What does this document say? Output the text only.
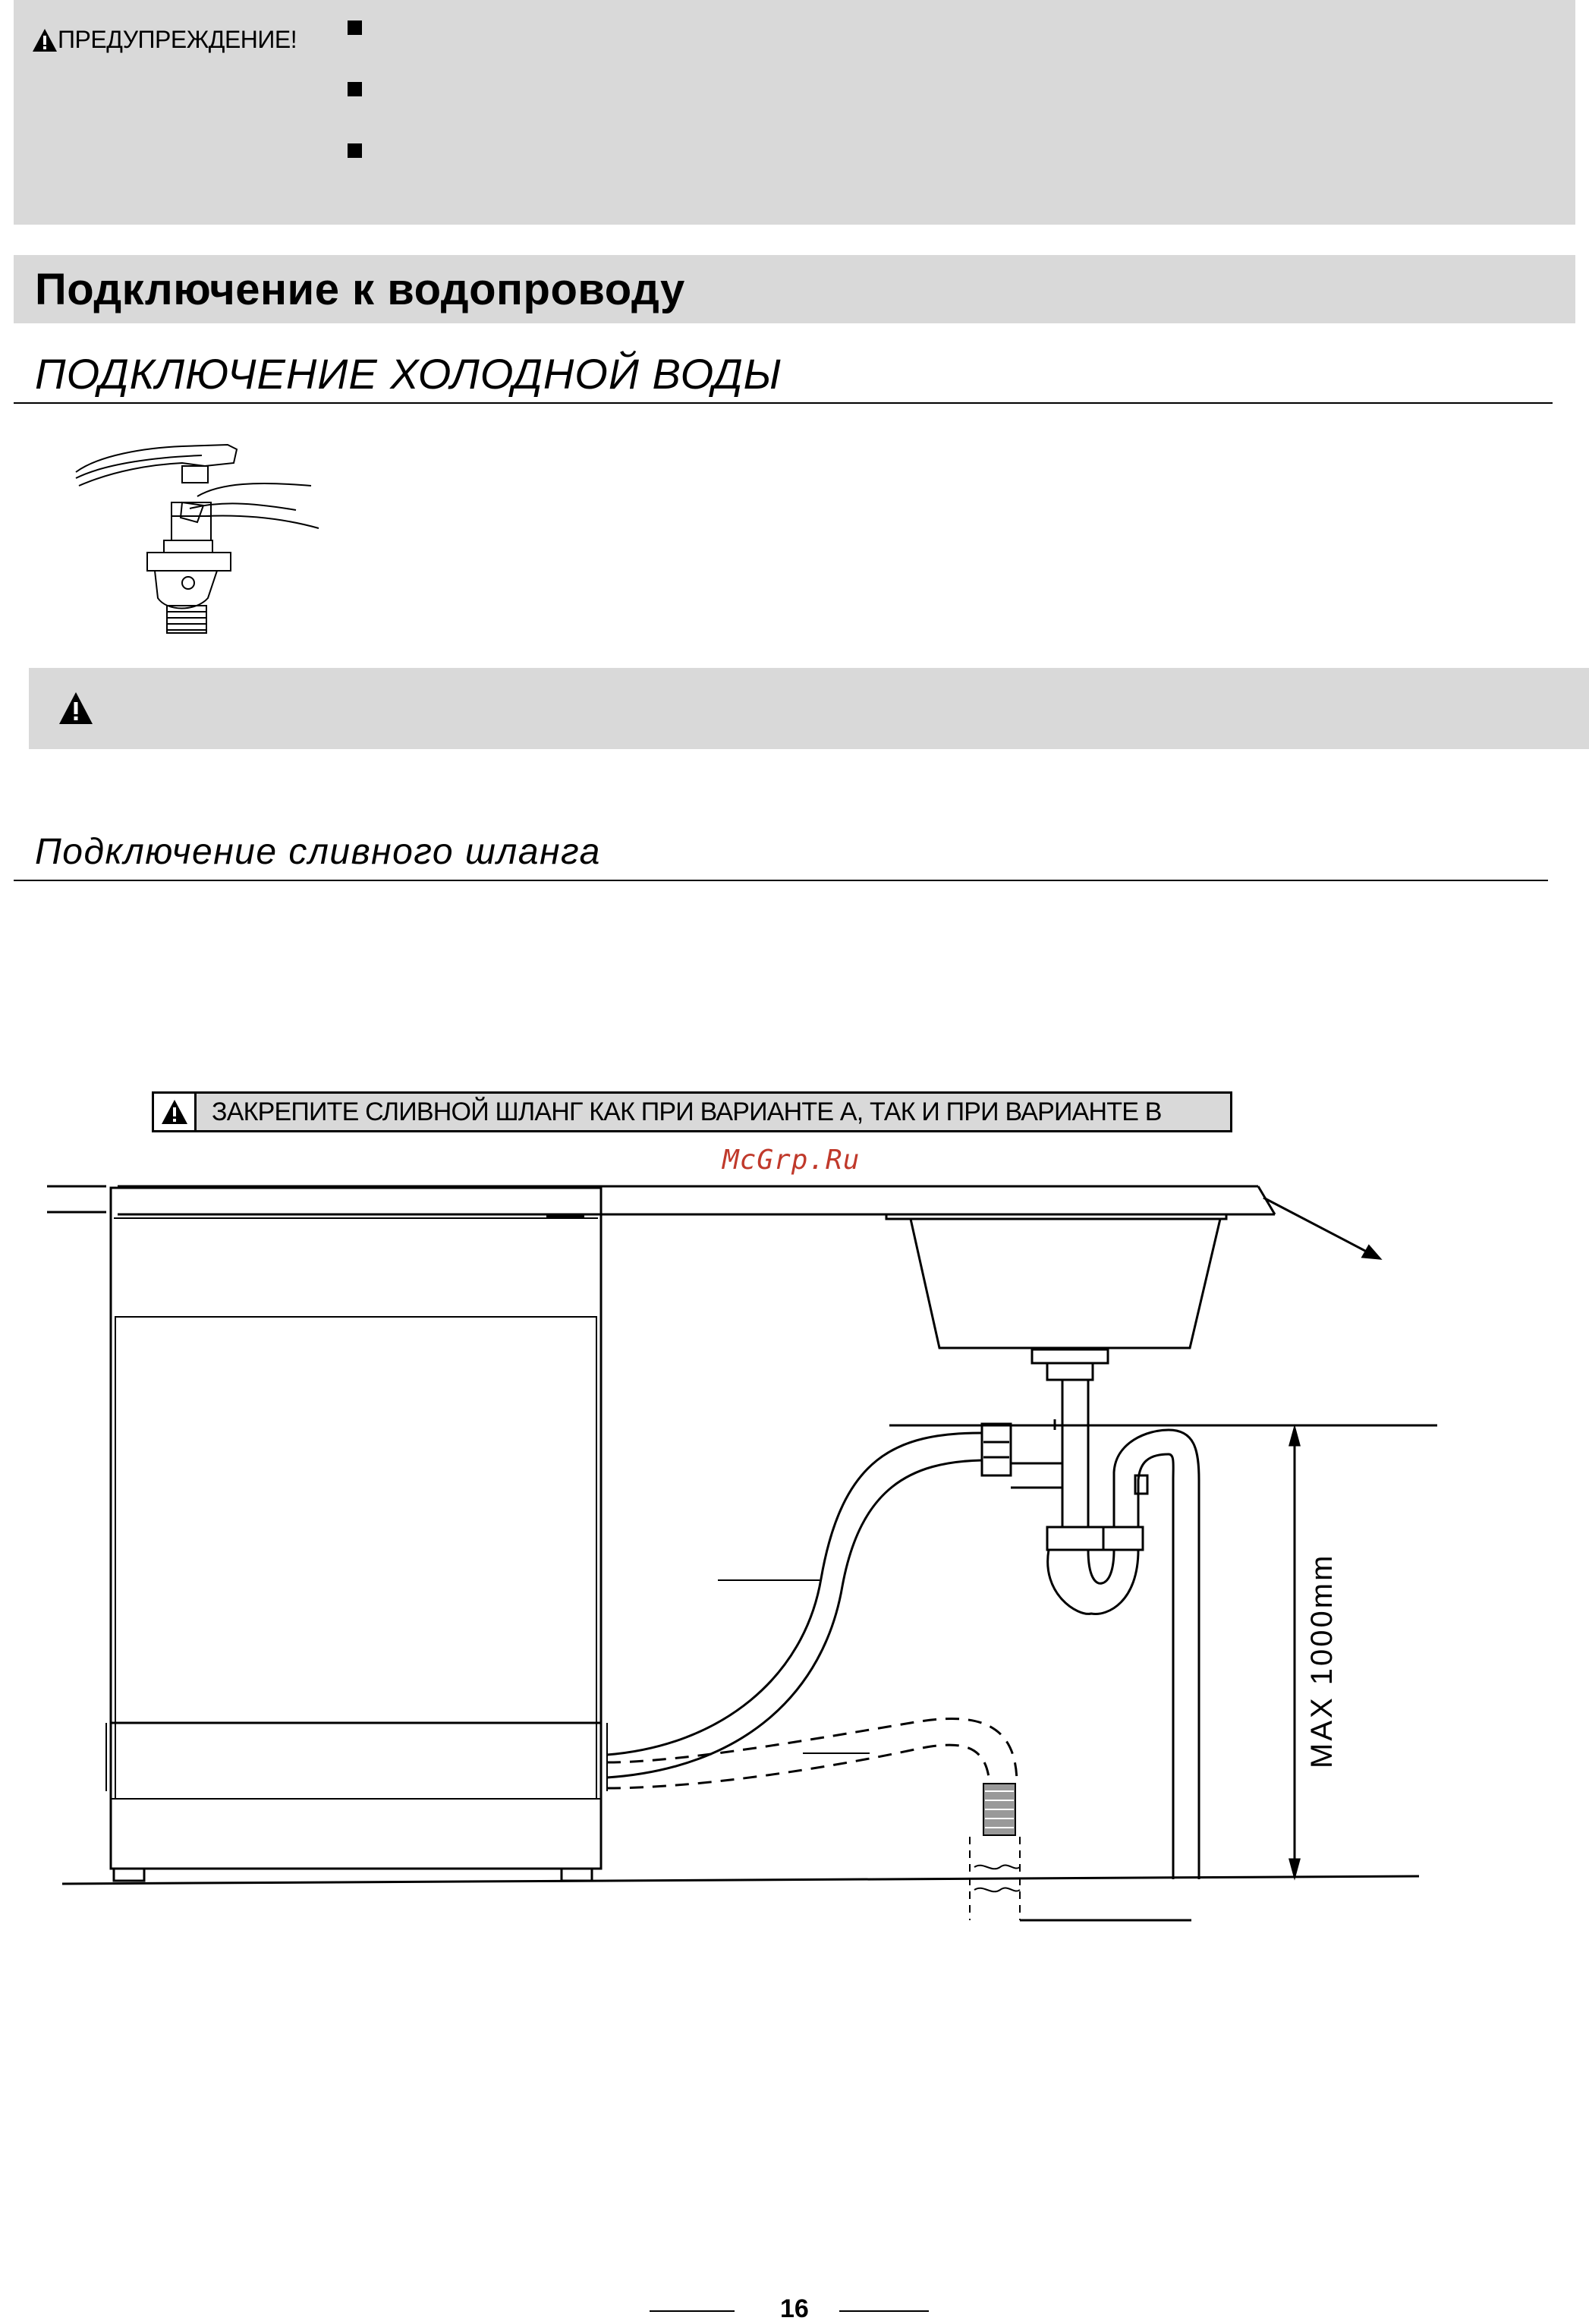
ПРЕДУПРЕЖДЕНИЕ!
Подключение к водопроводу
ПОДКЛЮЧЕНИЕ ХОЛОДНОЙ ВОДЫ
Подключение сливного шланга
ЗАКРЕПИТЕ СЛИВНОЙ ШЛАНГ КАК ПРИ ВАРИАНТЕ А, ТАК И ПРИ ВАРИАНТЕ В
McGrp.Ru
MAX 1000mm
16
